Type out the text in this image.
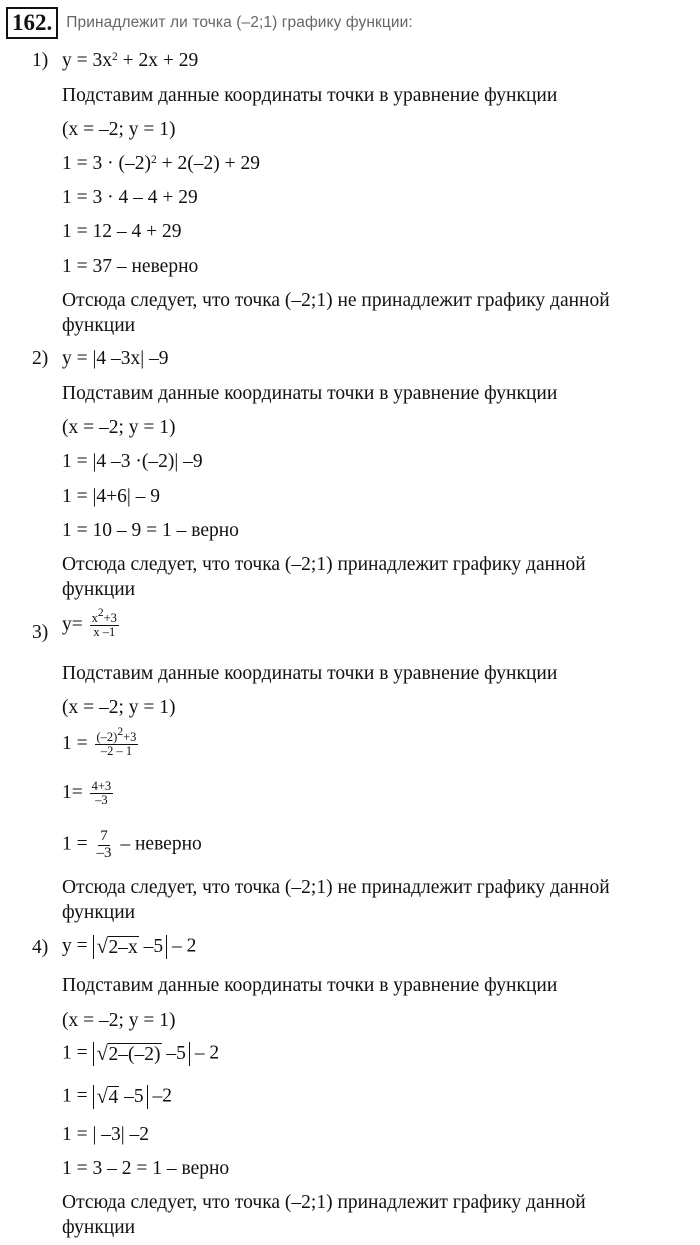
162. Принадлежит ли точка (–2;1) графику функции:
1) $y = 3x^2 + 2x + 29$
Подставим данные координаты точки в уравнение функции
(x = –2; y = 1)
$1 = 3 \cdot (-2)^2 + 2(-2) + 29$
1 = 3 · 4 – 4 + 29
1 = 12 – 4 + 29
1 = 37 – неверно
Отсюда следует, что точка (–2;1) не принадлежит графику данной
функции
2) y = |4 –3x| –9
Подставим данные координаты точки в уравнение функции
(x = –2; y = 1)
1 = |4 –3 ·(–2)| –9
1 = |4+6| – 9
1 = 10 – 9 = 1 – верно
Отсюда следует, что точка (–2;1) принадлежит графику данной
функции
3) $y= \frac{x^2+3}{x -1}$
Подставим данные координаты точки в уравнение функции
(x = –2; y = 1)
$1 = \frac{(-2)^2+3}{-2 - 1}$
$1= \frac{4+3}{-3}$
$1 = \frac{7}{-3}$ – неверно
Отсюда следует, что точка (–2;1) не принадлежит графику данной
функции
4) y = √ 2–x –5 – 2
Подставим данные координаты точки в уравнение функции
(x = –2; y = 1)
1 = √ 2–(–2) –5 – 2
1 = √ 4 –5 –2
1 = | –3| –2
1 = 3 – 2 = 1 – верно
Отсюда следует, что точка (–2;1) принадлежит графику данной
функции
